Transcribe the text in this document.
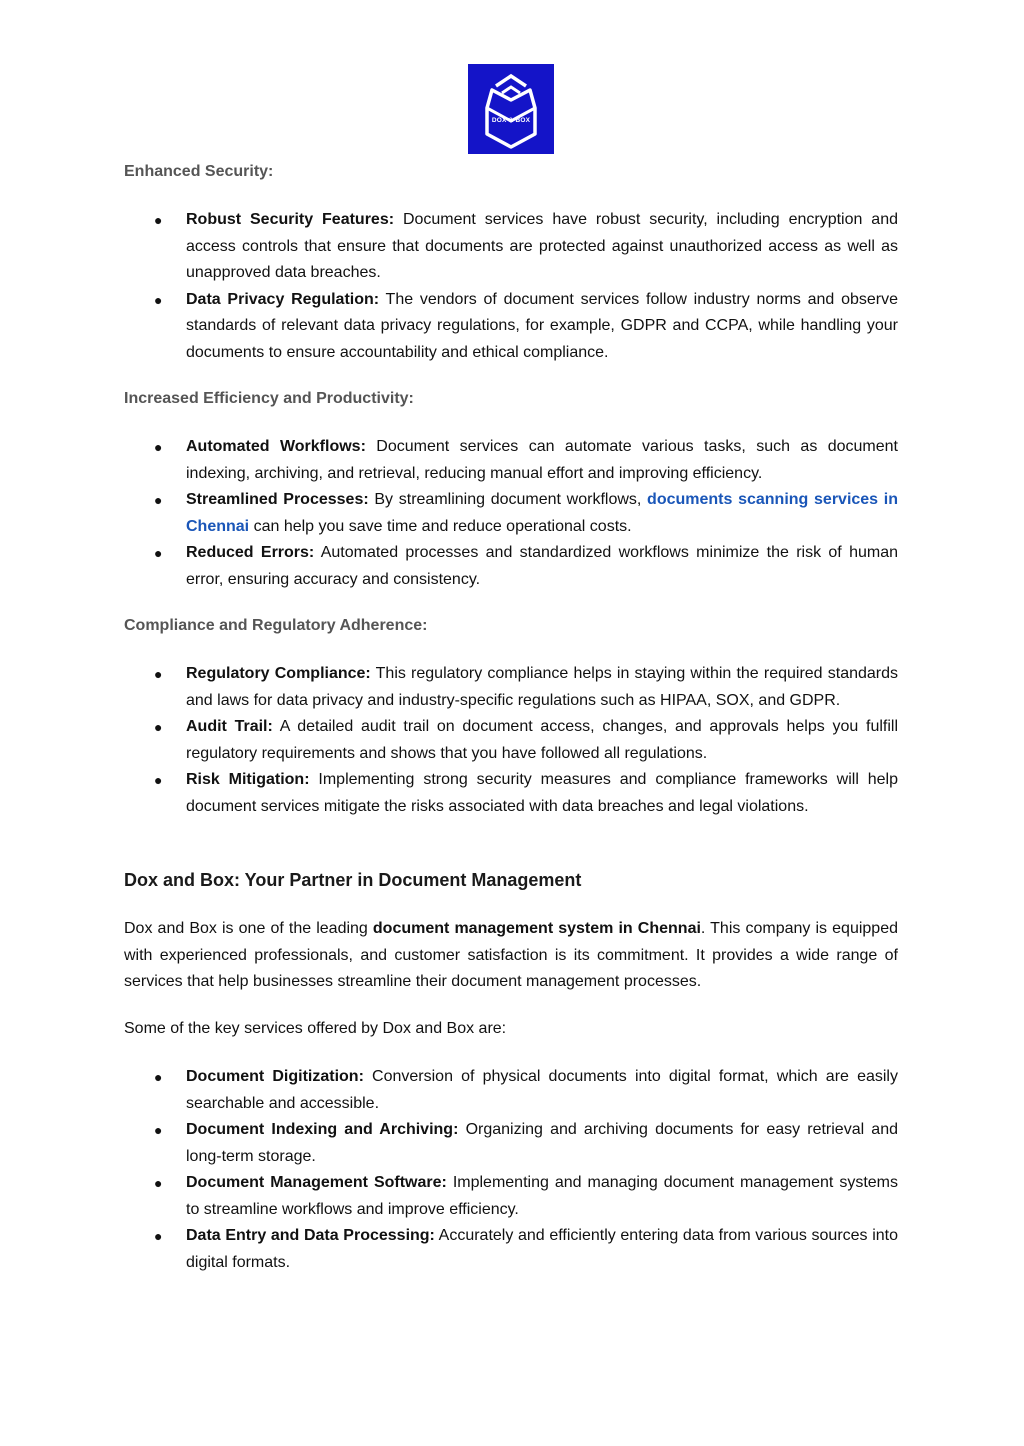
DOX & BOX
Enhanced Security:
● Robust Security Features: Document services have robust security, including encryption and access controls that ensure that documents are protected against unauthorized access as well as unapproved data breaches.
● Data Privacy Regulation: The vendors of document services follow industry norms and observe standards of relevant data privacy regulations, for example, GDPR and CCPA, while handling your documents to ensure accountability and ethical compliance.
Increased Efficiency and Productivity:
● Automated Workflows: Document services can automate various tasks, such as document indexing, archiving, and retrieval, reducing manual effort and improving efficiency.
● Streamlined Processes: By streamlining document workflows, documents scanning services in Chennai can help you save time and reduce operational costs.
● Reduced Errors: Automated processes and standardized workflows minimize the risk of human error, ensuring accuracy and consistency.
Compliance and Regulatory Adherence:
● Regulatory Compliance: This regulatory compliance helps in staying within the required standards and laws for data privacy and industry-specific regulations such as HIPAA, SOX, and GDPR.
● Audit Trail: A detailed audit trail on document access, changes, and approvals helps you fulfill regulatory requirements and shows that you have followed all regulations.
● Risk Mitigation: Implementing strong security measures and compliance frameworks will help document services mitigate the risks associated with data breaches and legal violations.
Dox and Box: Your Partner in Document Management

Dox and Box is one of the leading document management system in Chennai. This company is equipped with experienced professionals, and customer satisfaction is its commitment. It provides a wide range of services that help businesses streamline their document management processes.

Some of the key services offered by Dox and Box are:

● Document Digitization: Conversion of physical documents into digital format, which are easily searchable and accessible.
● Document Indexing and Archiving: Organizing and archiving documents for easy retrieval and long-term storage.
● Document Management Software: Implementing and managing document management systems to streamline workflows and improve efficiency.
● Data Entry and Data Processing: Accurately and efficiently entering data from various sources into digital formats.
